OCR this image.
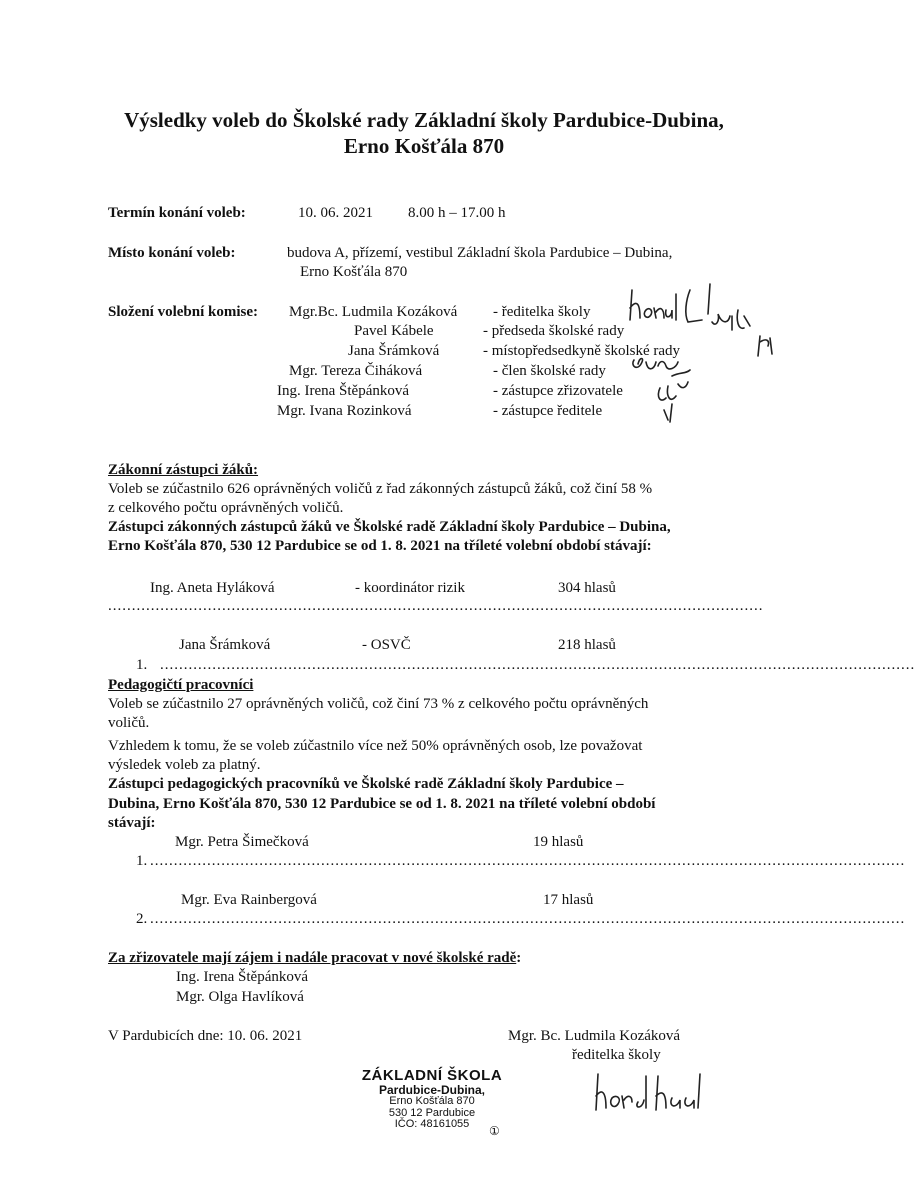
Výsledky voleb do Školské rady Základní školy Pardubice-Dubina,
Erno Košťála 870
Termín konání voleb:	10. 06. 2021 8.00 h – 17.00 h
Místo konání voleb:	budova A, přízemí, vestibul Základní škola Pardubice – Dubina,
Erno Košťála 870
Složení volební komise: Mgr.Bc. Ludmila Kozáková - ředitelka školy
Pavel Kábele	- předseda školské rady
Jana Šrámková	- místopředsedkyně školské rady
Mgr. Tereza Čiháková	- člen školské rady
Ing. Irena Štěpánková	- zástupce zřizovatele
Mgr. Ivana Rozinková	- zástupce ředitele
Zákonní zástupci žáků:
Voleb se zúčastnilo 626 oprávněných voličů z řad zákonných zástupců žáků, což činí 58 %
z celkového počtu oprávněných voličů.
Zástupci zákonných zástupců žáků ve Školské radě Základní školy Pardubice – Dubina,
Erno Košťála 870, 530 12 Pardubice se od 1. 8. 2021 na tříleté volební období stávají:
Ing. Aneta Hyláková	- koordinátor rizik	304 hlasů
..........................................................................................................................................
Jana Šrámková	- OSVČ	218 hlasů
1. ...............................................................................................................................................................
Pedagogičtí pracovníci
Voleb se zúčastnilo 27 oprávněných voličů, což činí 73 % z celkového počtu oprávněných
voličů.
Vzhledem k tomu, že se voleb zúčastnilo více než 50% oprávněných osob, lze považovat
výsledek voleb za platný.
Zástupci pedagogických pracovníků ve Školské radě Základní školy Pardubice –
Dubina, Erno Košťála 870, 530 12 Pardubice se od 1. 8. 2021 na tříleté volební období
stávají:
Mgr. Petra Šimečková	19 hlasů
1. ...............................................................................................................................................................
Mgr. Eva Rainbergová	17 hlasů
2. ...............................................................................................................................................................
Za zřizovatele mají zájem i nadále pracovat v nové školské radě:
Ing. Irena Štěpánková
Mgr. Olga Havlíková
V Pardubicích dne: 10. 06. 2021	Mgr. Bc. Ludmila Kozáková
ředitelka školy
ZÁKLADNÍ ŠKOLA
Pardubice-Dubina,
Erno Košťála 870
530 12 Pardubice
IČO: 48161055	①
